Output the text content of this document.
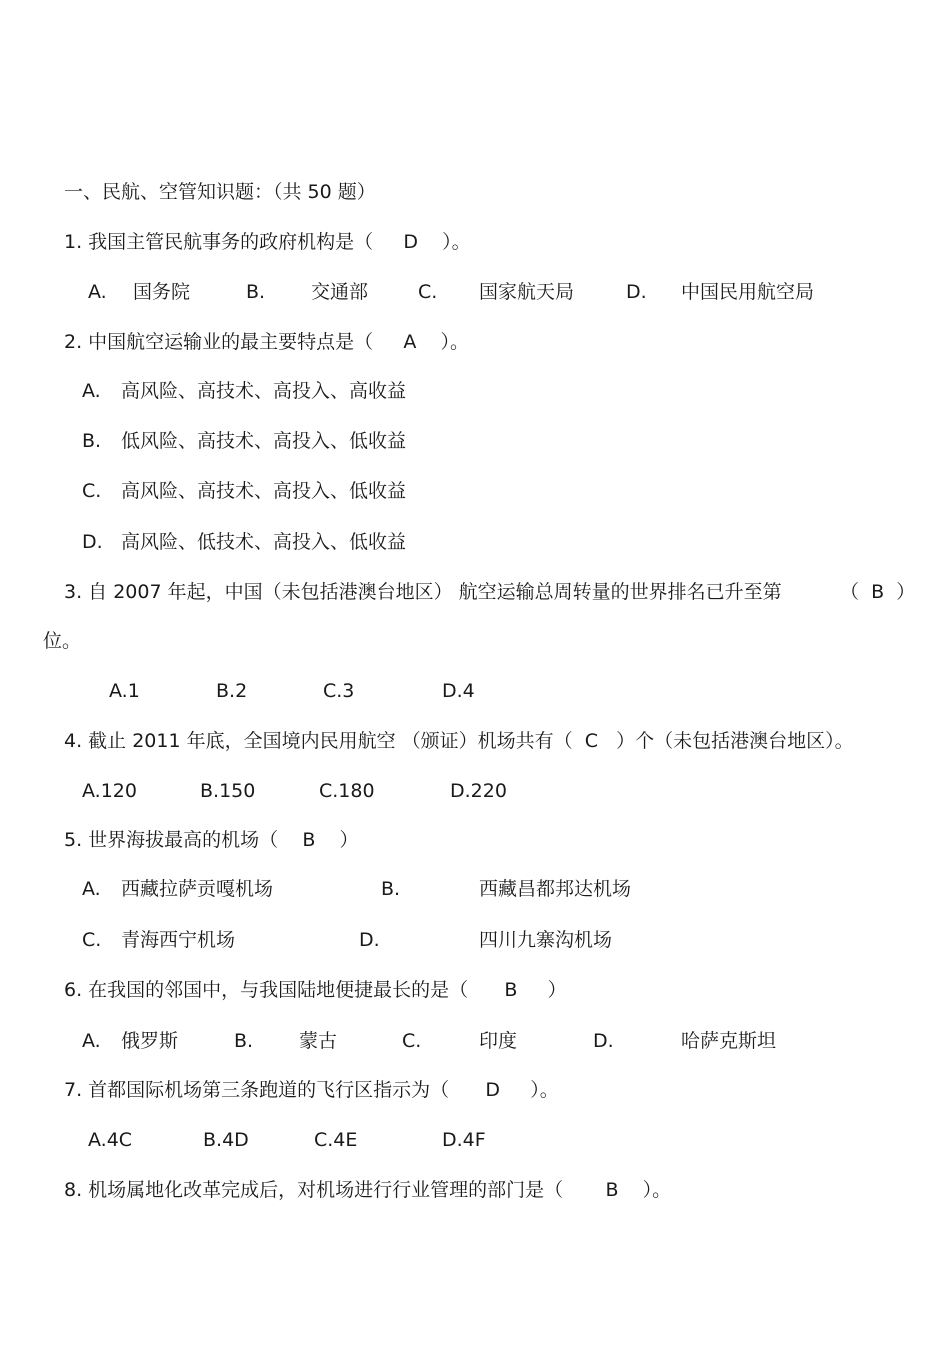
一、民航、空管知识题：（共 50 题）
1. 我国主管民航事务的政府机构是（     D    ）。
A. 国务院	B. 交通部	C. 国家航天局	D. 中国民用航空局
2. 中国航空运输业的最主要特点是（     A    ）。
A. 高风险、高技术、高投入、高收益
B. 低风险、高技术、高投入、低收益
C. 高风险、高技术、高投入、低收益
D. 高风险、低技术、高投入、低收益
3. 自 2007 年起，中国（未包括港澳台地区） 航空运输总周转量的世界排名已升至第	（  B  ）
位。
A.1	B.2	C.3	D.4
4. 截止 2011 年底，全国境内民用航空 （颁证）机场共有（  C   ）个（未包括港澳台地区）。
A.120	B.150	C.180	D.220
5. 世界海拔最高的机场（    B    ）
A. 西藏拉萨贡嘎机场	B.	西藏昌都邦达机场
C. 青海西宁机场	D.	四川九寨沟机场
6. 在我国的邻国中，与我国陆地便捷最长的是（      B     ）
A. 俄罗斯	B. 蒙古	C.	印度	D.	哈萨克斯坦
7. 首都国际机场第三条跑道的飞行区指示为（      D     ）。
A.4C	B.4D	C.4E	D.4F
8. 机场属地化改革完成后，对机场进行行业管理的部门是（       B    ）。
